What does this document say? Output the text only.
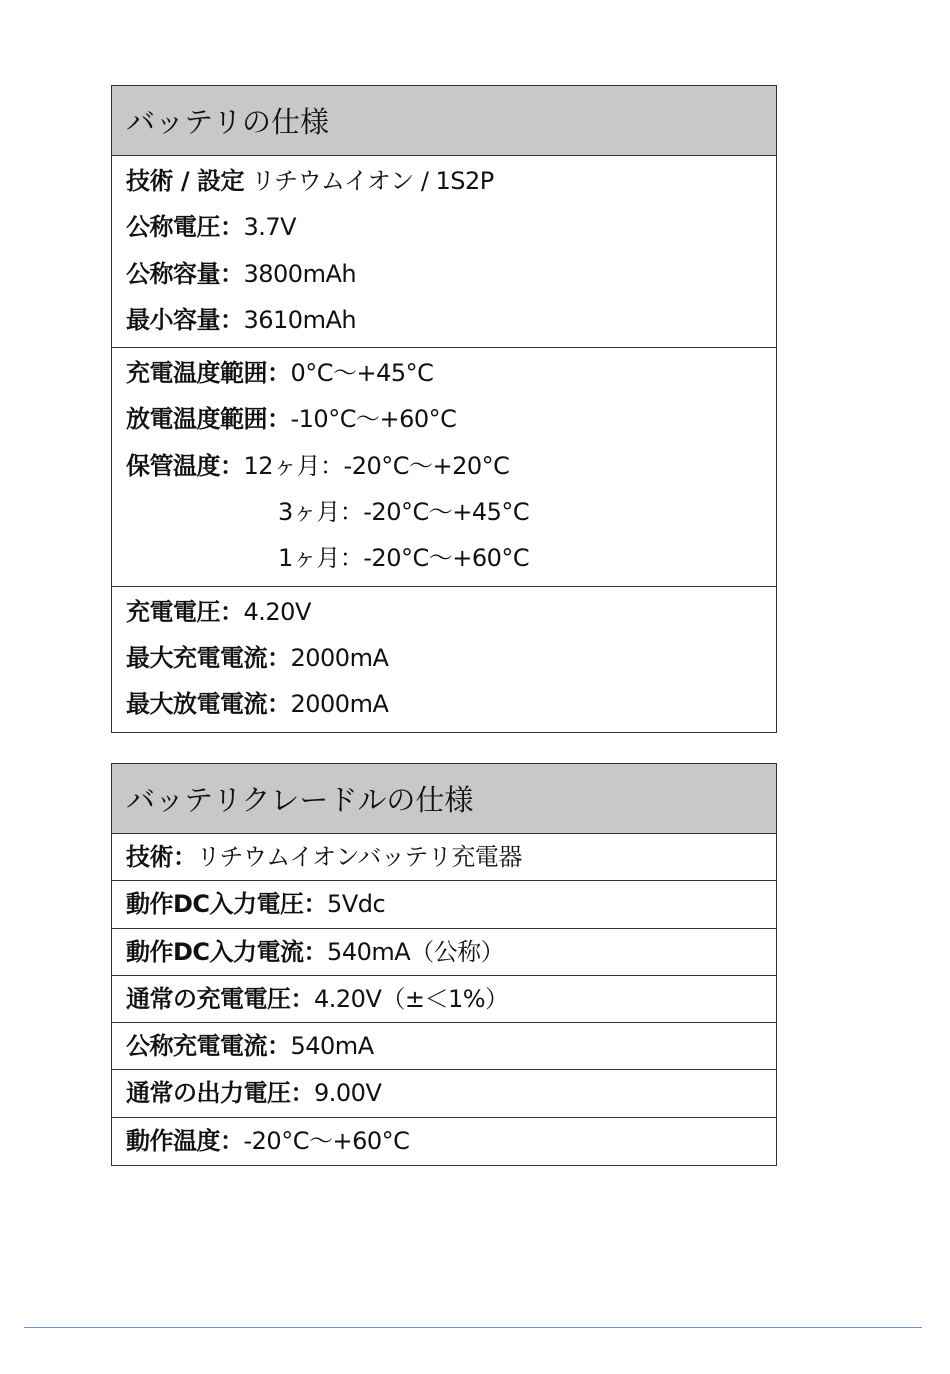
バッテリの仕様
技術 / 設定 リチウムイオン / 1S2P
公称電圧：3.7V
公称容量：3800mAh
最小容量：3610mAh
充電温度範囲：0°C～+45°C
放電温度範囲：-10°C～+60°C
保管温度：12ヶ月：-20°C～+20°C
3ヶ月：-20°C～+45°C
1ヶ月：-20°C～+60°C
充電電圧：4.20V
最大充電電流：2000mA
最大放電電流：2000mA
バッテリクレードルの仕様
技術：リチウムイオンバッテリ充電器
動作DC入力電圧：5Vdc
動作DC入力電流：540mA（公称）
通常の充電電圧：4.20V（±＜1%）
公称充電電流：540mA
通常の出力電圧：9.00V
動作温度：-20°C～+60°C
